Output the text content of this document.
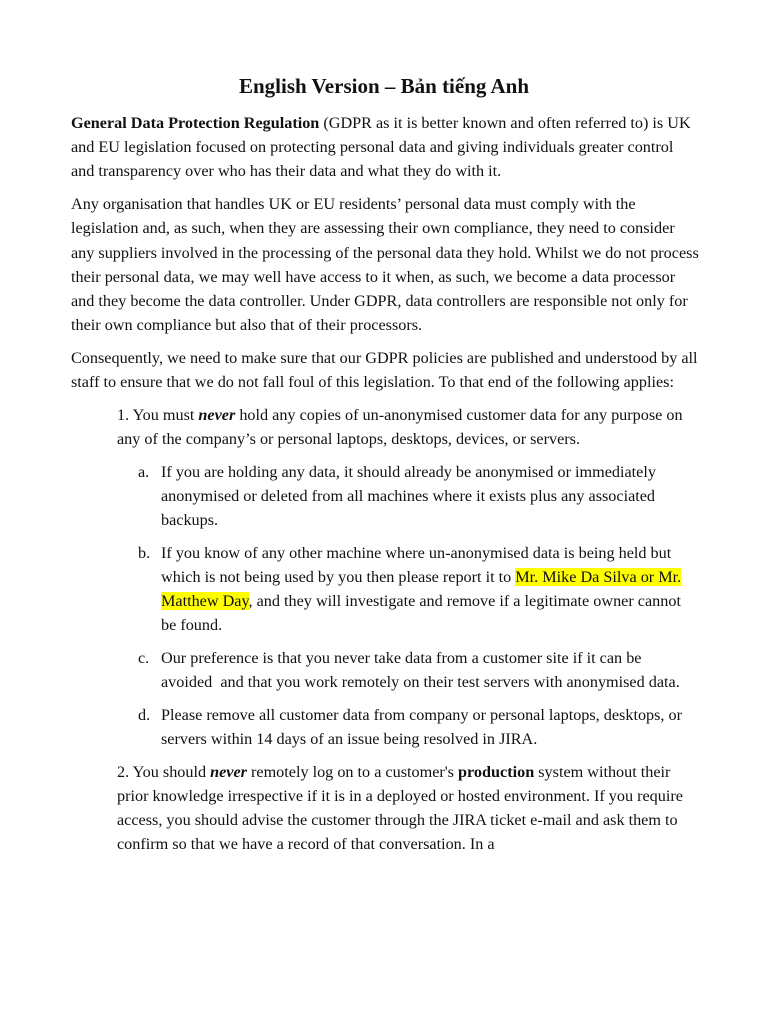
English Version – Bản tiếng Anh

General Data Protection Regulation (GDPR as it is better known and often referred to) is UK and EU legislation focused on protecting personal data and giving individuals greater control and transparency over who has their data and what they do with it.

Any organisation that handles UK or EU residents’ personal data must comply with the legislation and, as such, when they are assessing their own compliance, they need to consider any suppliers involved in the processing of the personal data they hold. Whilst we do not process their personal data, we may well have access to it when, as such, we become a data processor and they become the data controller. Under GDPR, data controllers are responsible not only for their own compliance but also that of their processors.

Consequently, we need to make sure that our GDPR policies are published and understood by all staff to ensure that we do not fall foul of this legislation. To that end of the following applies:

1. You must never hold any copies of un-anonymised customer data for any purpose on any of the company’s or personal laptops, desktops, devices, or servers.

a. If you are holding any data, it should already be anonymised or immediately anonymised or deleted from all machines where it exists plus any associated backups.
b. If you know of any other machine where un-anonymised data is being held but which is not being used by you then please report it to Mr. Mike Da Silva or Mr. Matthew Day, and they will investigate and remove if a legitimate owner cannot be found.
c. Our preference is that you never take data from a customer site if it can be avoided  and that you work remotely on their test servers with anonymised data.
d. Please remove all customer data from company or personal laptops, desktops, or servers within 14 days of an issue being resolved in JIRA.

2. You should never remotely log on to a customer's production system without their prior knowledge irrespective if it is in a deployed or hosted environment. If you require access, you should advise the customer through the JIRA ticket e-mail and ask them to confirm so that we have a record of that conversation. In a
